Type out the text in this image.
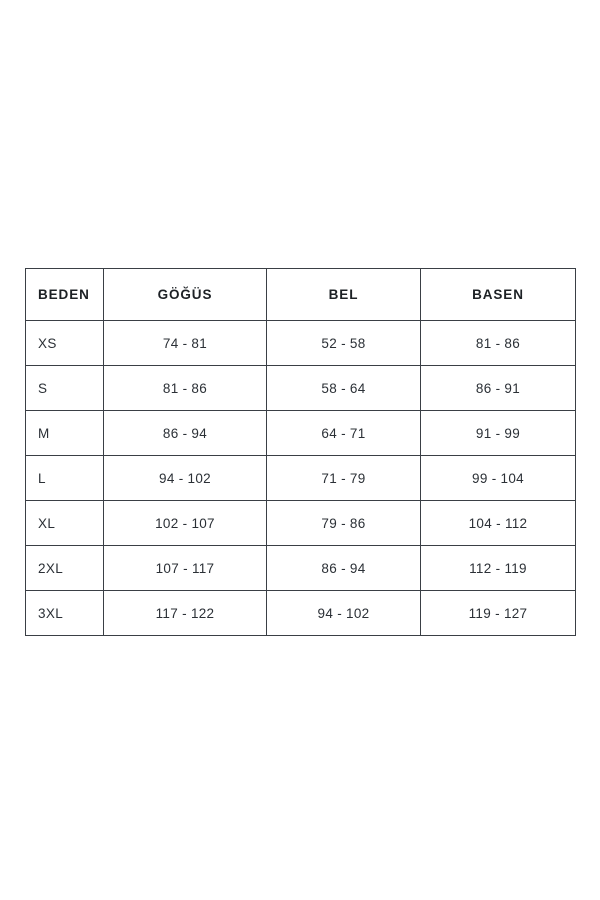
BEDEN	GÖĞÜS	BEL	BASEN
XS	74 - 81	52 - 58	81 - 86
S	81 - 86	58 - 64	86 - 91
M	86 - 94	64 - 71	91 - 99
L	94 - 102	71 - 79	99 - 104
XL	102 - 107	79 - 86	104 - 112
2XL	107 - 117	86 - 94	112 - 119
3XL	117 - 122	94 - 102	119 - 127
